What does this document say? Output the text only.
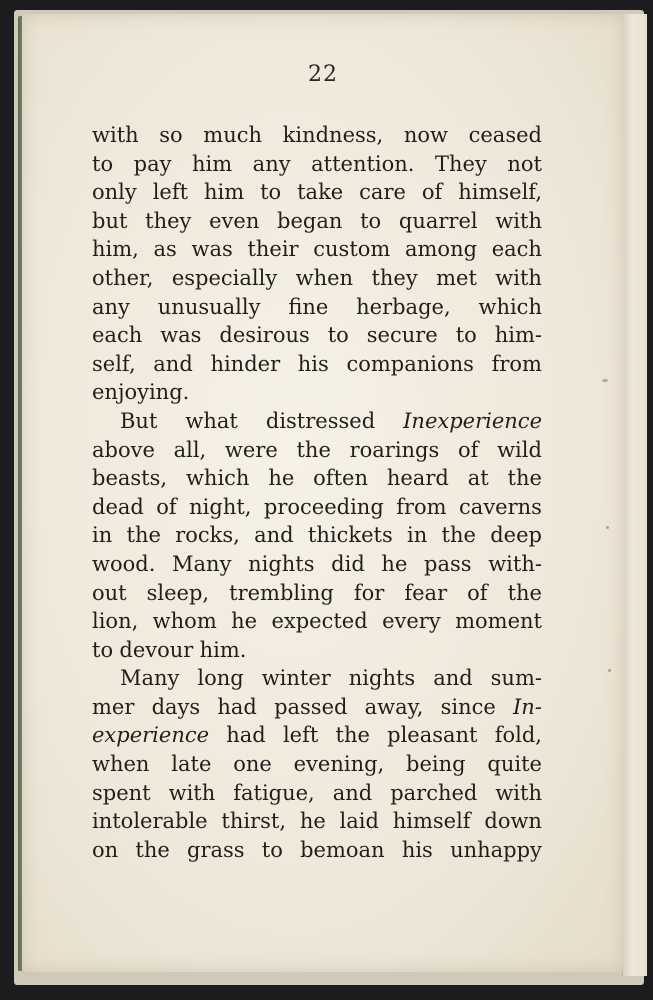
22
with so much kindness, now ceased
to pay him any attention. They not
only left him to take care of himself,
but they even began to quarrel with
him, as was their custom among each
other, especially when they met with
any unusually fine herbage, which
each was desirous to secure to him-
self, and hinder his companions from
enjoying.
But what distressed Inexperience
above all, were the roarings of wild
beasts, which he often heard at the
dead of night, proceeding from caverns
in the rocks, and thickets in the deep
wood. Many nights did he pass with-
out sleep, trembling for fear of the
lion, whom he expected every moment
to devour him.
Many long winter nights and sum-
mer days had passed away, since In-
experience had left the pleasant fold,
when late one evening, being quite
spent with fatigue, and parched with
intolerable thirst, he laid himself down
on the grass to bemoan his unhappy
